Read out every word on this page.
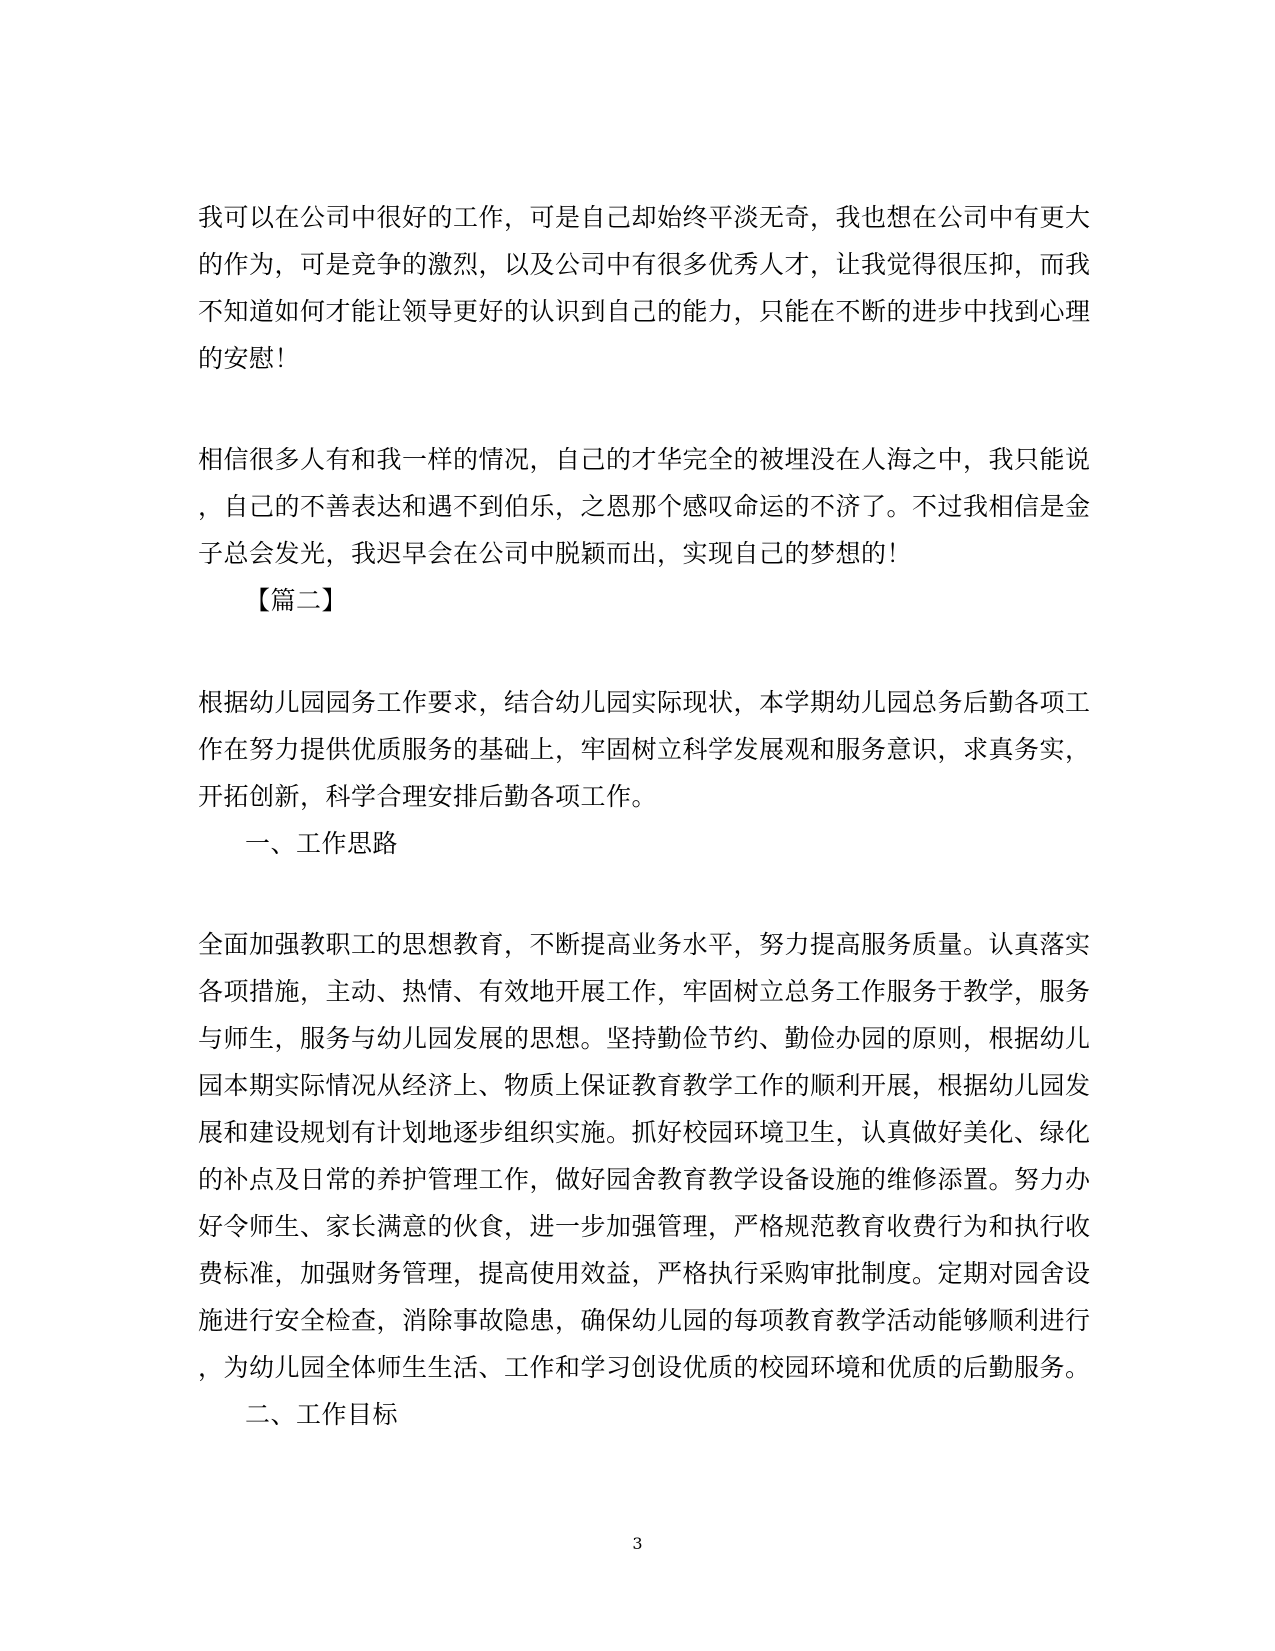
我可以在公司中很好的工作，可是自己却始终平淡无奇，我也想在公司中有更大
的作为，可是竞争的激烈，以及公司中有很多优秀人才，让我觉得很压抑，而我
不知道如何才能让领导更好的认识到自己的能力，只能在不断的进步中找到心理
的安慰！
相信很多人有和我一样的情况，自己的才华完全的被埋没在人海之中，我只能说
，自己的不善表达和遇不到伯乐，之恩那个感叹命运的不济了。不过我相信是金
子总会发光，我迟早会在公司中脱颖而出，实现自己的梦想的！
【篇二】
根据幼儿园园务工作要求，结合幼儿园实际现状，本学期幼儿园总务后勤各项工
作在努力提供优质服务的基础上，牢固树立科学发展观和服务意识，求真务实，
开拓创新，科学合理安排后勤各项工作。
一、工作思路
全面加强教职工的思想教育，不断提高业务水平，努力提高服务质量。认真落实
各项措施，主动、热情、有效地开展工作，牢固树立总务工作服务于教学，服务
与师生，服务与幼儿园发展的思想。坚持勤俭节约、勤俭办园的原则，根据幼儿
园本期实际情况从经济上、物质上保证教育教学工作的顺利开展，根据幼儿园发
展和建设规划有计划地逐步组织实施。抓好校园环境卫生，认真做好美化、绿化
的补点及日常的养护管理工作，做好园舍教育教学设备设施的维修添置。努力办
好令师生、家长满意的伙食，进一步加强管理，严格规范教育收费行为和执行收
费标准，加强财务管理，提高使用效益，严格执行采购审批制度。定期对园舍设
施进行安全检查，消除事故隐患，确保幼儿园的每项教育教学活动能够顺利进行
，为幼儿园全体师生生活、工作和学习创设优质的校园环境和优质的后勤服务。
二、工作目标
3
